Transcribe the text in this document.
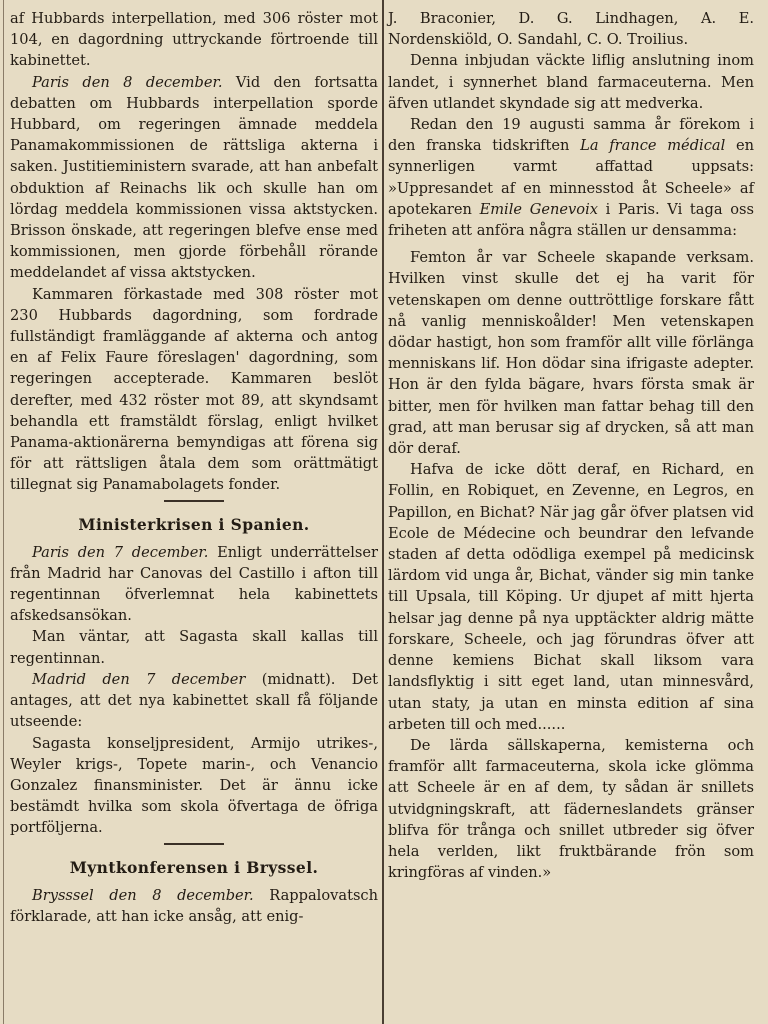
af Hubbards interpellation, med 306 röster mot 104, en dagordning uttryckande förtroende till kabinettet.

Paris den 8 december. Vid den fortsatta debatten om Hubbards interpellation sporde Hubbard, om regeringen ämnade meddela Panamakommissionen de rättsliga akterna i saken. Justitieministern svarade, att han anbefalt obduktion af Reinachs lik och skulle han om lördag meddela kommissionen vissa aktstycken. Brisson önskade, att regeringen blefve ense med kommissionen, men gjorde förbehåll rörande meddelandet af vissa aktstycken.

Kammaren förkastade med 308 röster mot 230 Hubbards dagordning, som fordrade fullständigt framläggande af akterna och antog en af Felix Faure föreslagen' dagordning, som regeringen accepterade. Kammaren beslöt derefter, med 432 röster mot 89, att skyndsamt behandla ett framstäldt förslag, enligt hvilket Panama-aktionärerna bemyndigas att förena sig för att rättsligen åtala dem som orättmätigt tillegnat sig Panamabolagets fonder.

Ministerkrisen i Spanien.

Paris den 7 december. Enligt underrättelser från Madrid har Canovas del Castillo i afton till regentinnan öfverlemnat hela kabinettets afskedsansökan.

Man väntar, att Sagasta skall kallas till regentinnan.

Madrid den 7 december (midnatt). Det antages, att det nya kabinettet skall få följande utseende:

Sagasta konseljpresident, Armijo utrikes-, Weyler krigs-, Topete marin-, och Venancio Gonzalez finansminister. Det är ännu icke bestämdt hvilka som skola öfvertaga de öfriga portföljerna.

Myntkonferensen i Bryssel.

Brysssel den 8 december. Rappalovatsch förklarade, att han icke ansåg, att enig-

J. Braconier, D. G. Lindhagen, A. E. Nordenskiöld, O. Sandahl, C. O. Troilius.

Denna inbjudan väckte liflig anslutning inom landet, i synnerhet bland farmaceuterna. Men äfven utlandet skyndade sig att medverka.

Redan den 19 augusti samma år förekom i den franska tidskriften La france médical en synnerligen varmt affattad uppsats: »Uppresandet af en minnesstod åt Scheele» af apotekaren Emile Genevoix i Paris. Vi taga oss friheten att anföra några ställen ur densamma:

Femton år var Scheele skapande verksam. Hvilken vinst skulle det ej ha varit för vetenskapen om denne outtröttlige forskare fått nå vanlig menniskoålder! Men vetenskapen dödar hastigt, hon som framför allt ville förlänga menniskans lif. Hon dödar sina ifrigaste adepter. Hon är den fylda bägare, hvars första smak är bitter, men för hvilken man fattar behag till den grad, att man berusar sig af drycken, så att man dör deraf.

Hafva de icke dött deraf, en Richard, en Follin, en Robiquet, en Zevenne, en Legros, en Papillon, en Bichat? När jag går öfver platsen vid Ecole de Médecine och beundrar den lefvande staden af detta odödliga exempel på medicinsk lärdom vid unga år, Bichat, vänder sig min tanke till Upsala, till Köping. Ur djupet af mitt hjerta helsar jag denne på nya upptäckter aldrig mätte forskare, Scheele, och jag förundras öfver att denne kemiens Bichat skall liksom vara landsflyktig i sitt eget land, utan minnesvård, utan staty, ja utan en minsta edition af sina arbeten till och med......

De lärda sällskaperna, kemisterna och framför allt farmaceuterna, skola icke glömma att Scheele är en af dem, ty sådan är snillets utvidgningskraft, att fäderneslandets gränser blifva för trånga och snillet utbreder sig öfver hela verlden, likt fruktbärande frön som kringföras af vinden.»
